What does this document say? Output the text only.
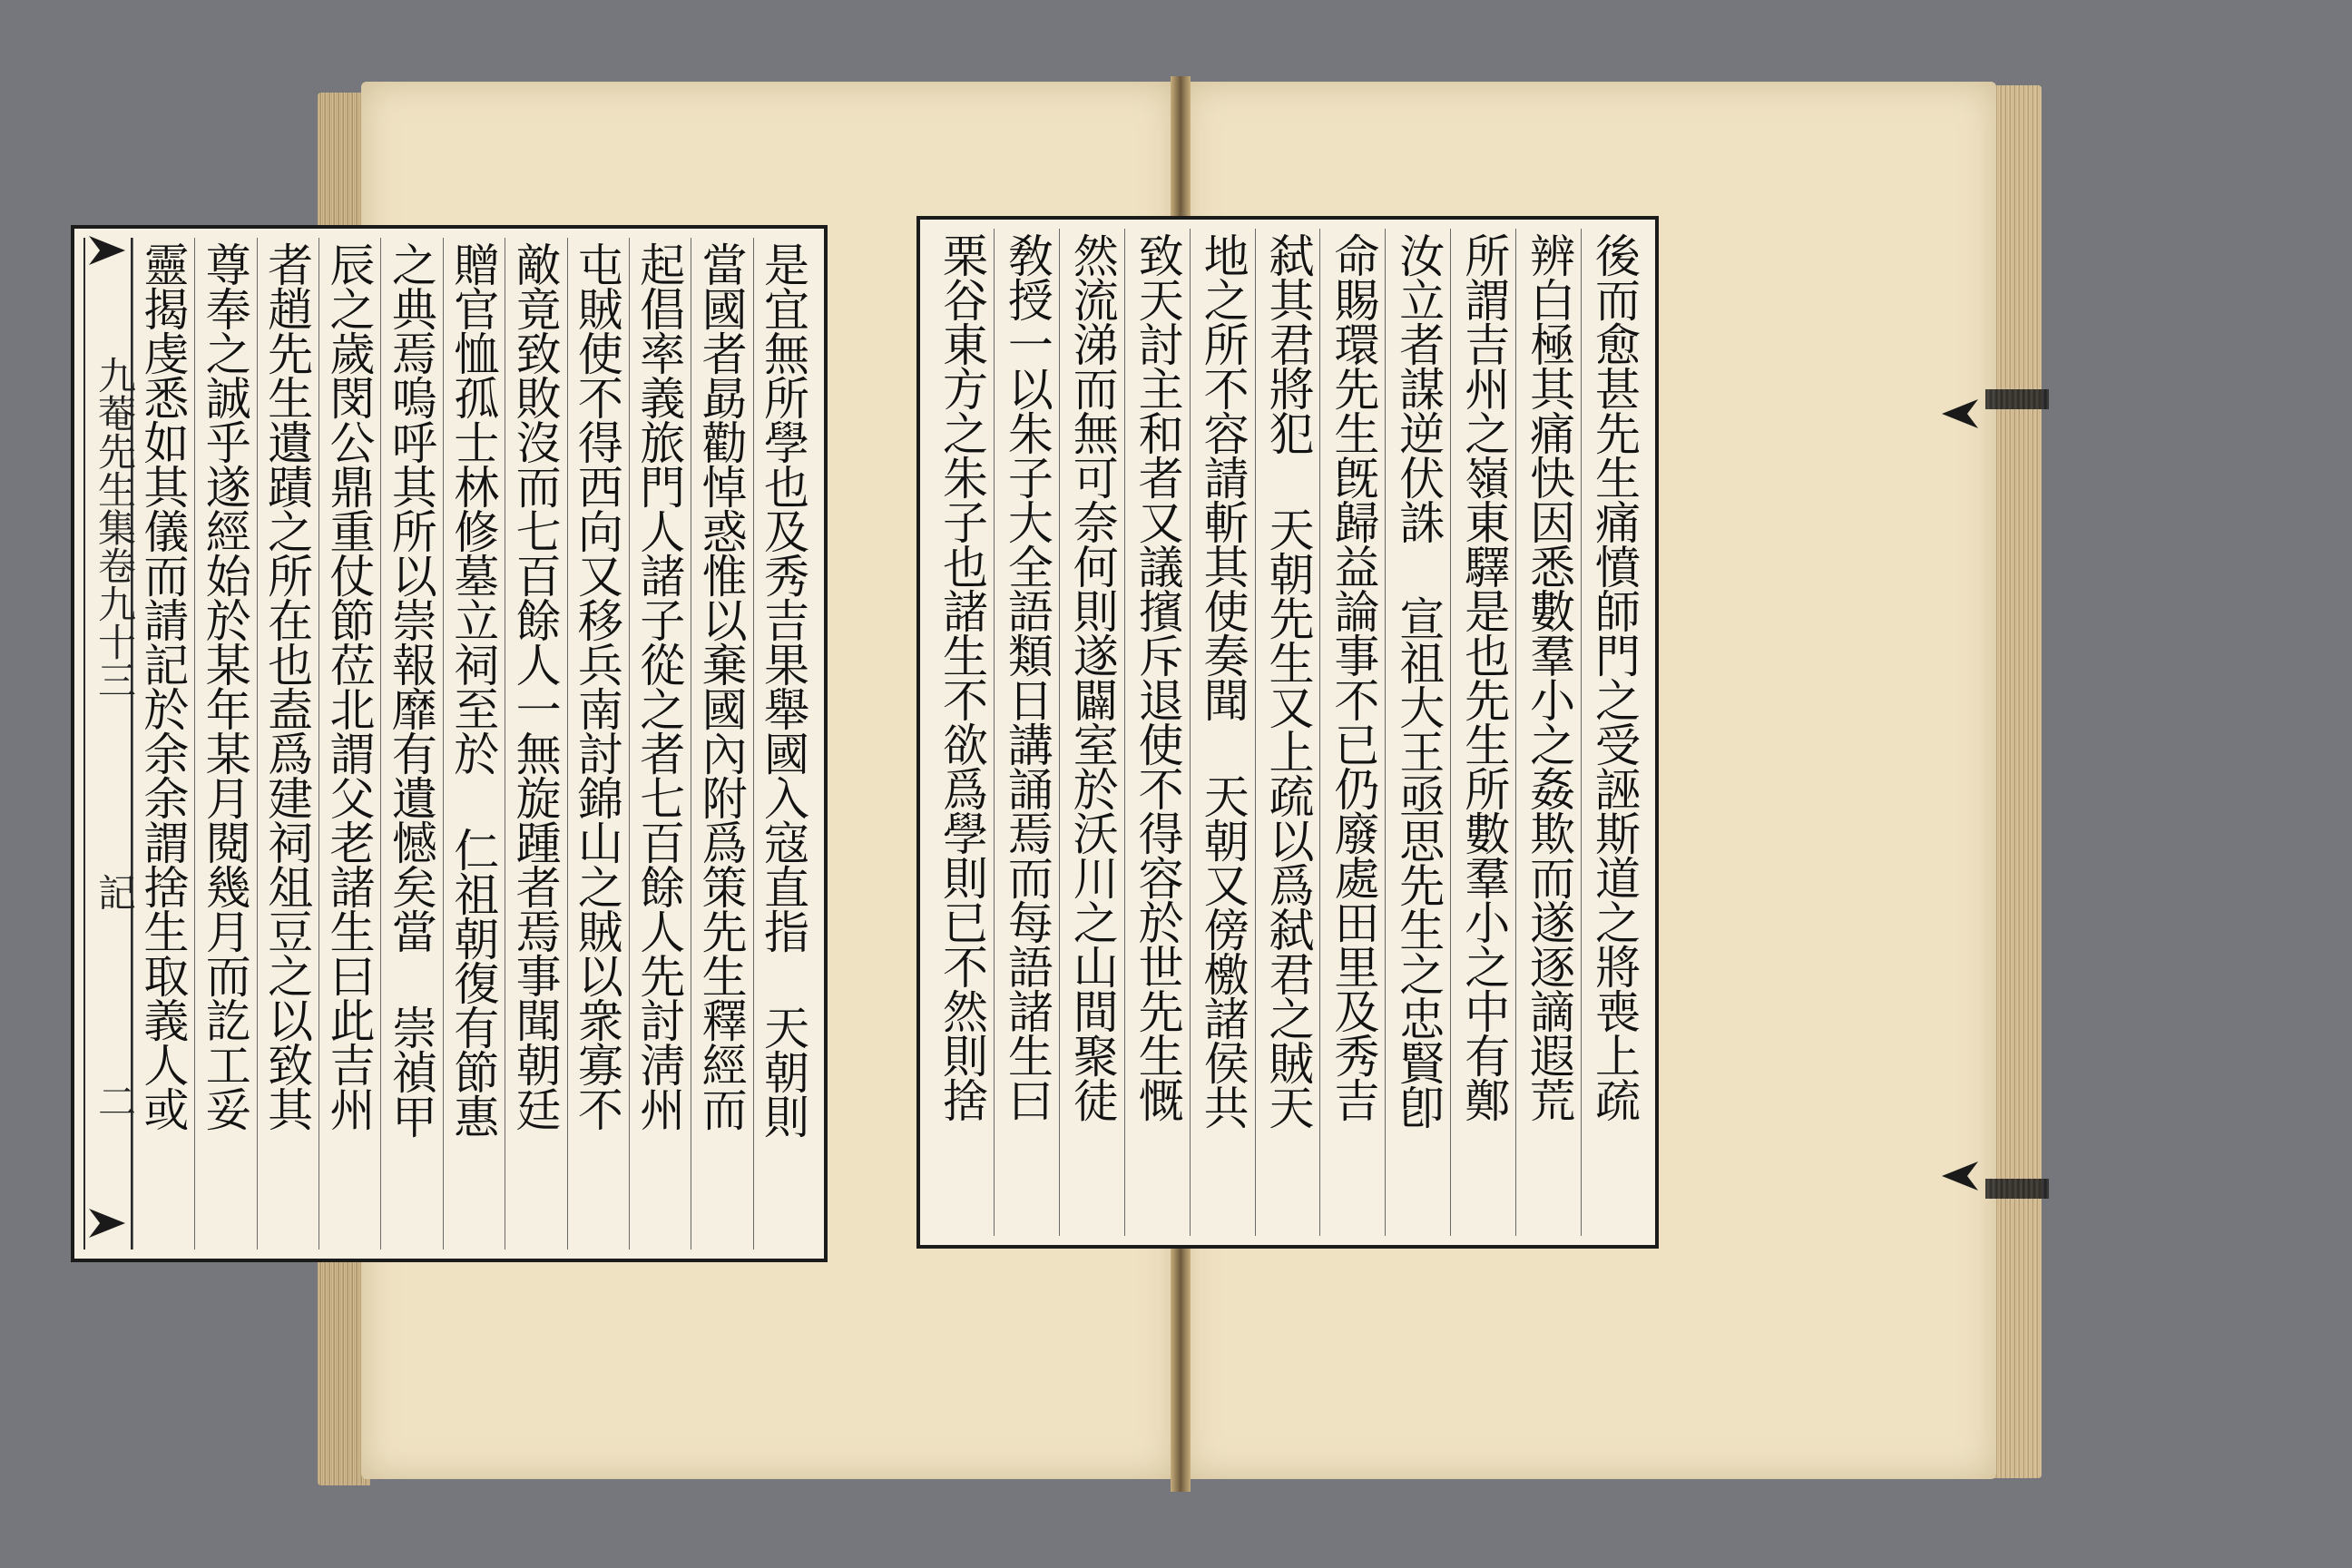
是宜無所學也及秀吉果舉國入寇直指 天朝則
當國者勗勸悼惑惟以棄國內附爲策先生釋經而
起倡率義旅門人諸子從之者七百餘人先討淸州
屯賊使不得西向又移兵南討錦山之賊以衆寡不
敵竟致敗沒而七百餘人一無旋踵者焉事聞朝廷
贈官恤孤士林修墓立祠至於 仁祖朝復有節惠
之典焉嗚呼其所以崇報靡有遺憾矣當 崇禎甲
辰之歲閔公鼎重仗節莅北謂父老諸生曰此吉州
者趙先生遺蹟之所在也盍爲建祠俎豆之以致其
尊奉之誠乎遂經始於某年某月閱幾月而訖工妥
靈揭虔悉如其儀而請記於余余謂捨生取義人或
九菴先生集卷九十三
記
二	後而愈甚先生痛憤師門之受誣斯道之將喪上疏
辨白極其痛快因悉數羣小之姦欺而遂逐謫遐荒
所謂吉州之嶺東驛是也先生所數羣小之中有鄭
汝立者謀逆伏誅 宣祖大王亟思先生之忠賢卽
命賜環先生旣歸益論事不已仍廢處田里及秀吉
弑其君將犯 天朝先生又上疏以爲弑君之賊天
地之所不容請斬其使奏聞 天朝又傍檄諸侯共
致天討主和者又議擯斥退使不得容於世先生慨
然流涕而無可奈何則遂闢室於沃川之山間聚徒
敎授一以朱子大全語類日講誦焉而每語諸生曰
栗谷東方之朱子也諸生不欲爲學則已不然則捨
